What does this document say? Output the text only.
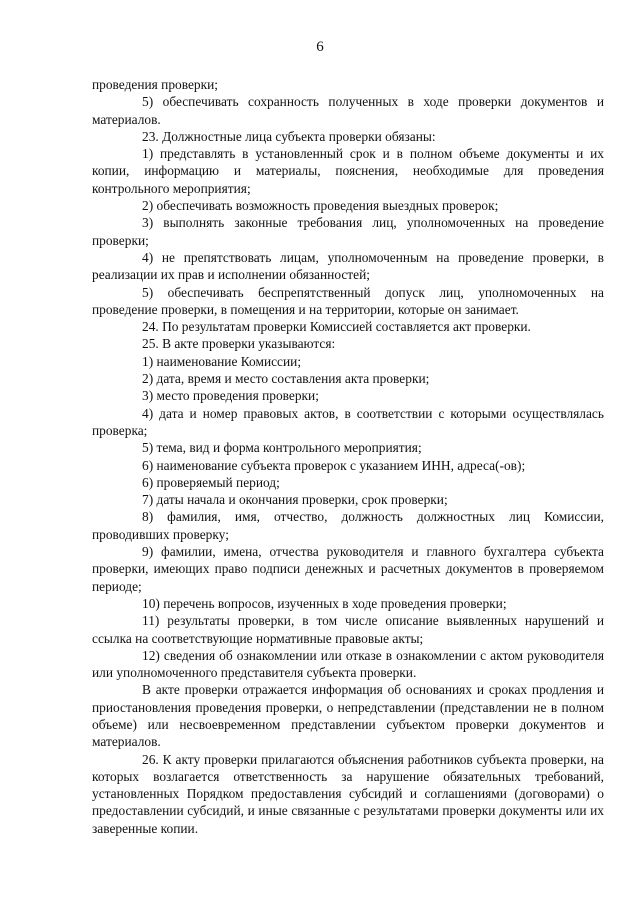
6

проведения проверки;

5) обеспечивать сохранность полученных в ходе проверки документов и материалов.

23. Должностные лица субъекта проверки обязаны:

1) представлять в установленный срок и в полном объеме документы и их копии, информацию и материалы, пояснения, необходимые для проведения контрольного мероприятия;

2) обеспечивать возможность проведения выездных проверок;

3) выполнять законные требования лиц, уполномоченных на проведение проверки;

4) не препятствовать лицам, уполномоченным на проведение проверки, в реализации их прав и исполнении обязанностей;

5) обеспечивать беспрепятственный допуск лиц, уполномоченных на проведение проверки, в помещения и на территории, которые он занимает.

24. По результатам проверки Комиссией составляется акт проверки.

25. В акте проверки указываются:

1) наименование Комиссии;

2) дата, время и место составления акта проверки;

3) место проведения проверки;

4) дата и номер правовых актов, в соответствии с которыми осуществлялась проверка;

5) тема, вид и форма контрольного мероприятия;

6) наименование субъекта проверок с указанием ИНН, адреса(-ов);

6) проверяемый период;

7) даты начала и окончания проверки, срок проверки;

8) фамилия, имя, отчество, должность должностных лиц Комиссии, проводивших проверку;

9) фамилии, имена, отчества руководителя и главного бухгалтера субъекта проверки, имеющих право подписи денежных и расчетных документов в проверяемом периоде;

10) перечень вопросов, изученных в ходе проведения проверки;

11) результаты проверки, в том числе описание выявленных нарушений и ссылка на соответствующие нормативные правовые акты;

12) сведения об ознакомлении или отказе в ознакомлении с актом руководителя или уполномоченного представителя субъекта проверки.

В акте проверки отражается информация об основаниях и сроках продления и приостановления проведения проверки, о непредставлении (представлении не в полном объеме) или несвоевременном представлении субъектом проверки документов и материалов.

26. К акту проверки прилагаются объяснения работников субъекта проверки, на которых возлагается ответственность за нарушение обязательных требований, установленных Порядком предоставления субсидий и соглашениями (договорами) о предоставлении субсидий, и иные связанные с результатами проверки документы или их заверенные копии.
